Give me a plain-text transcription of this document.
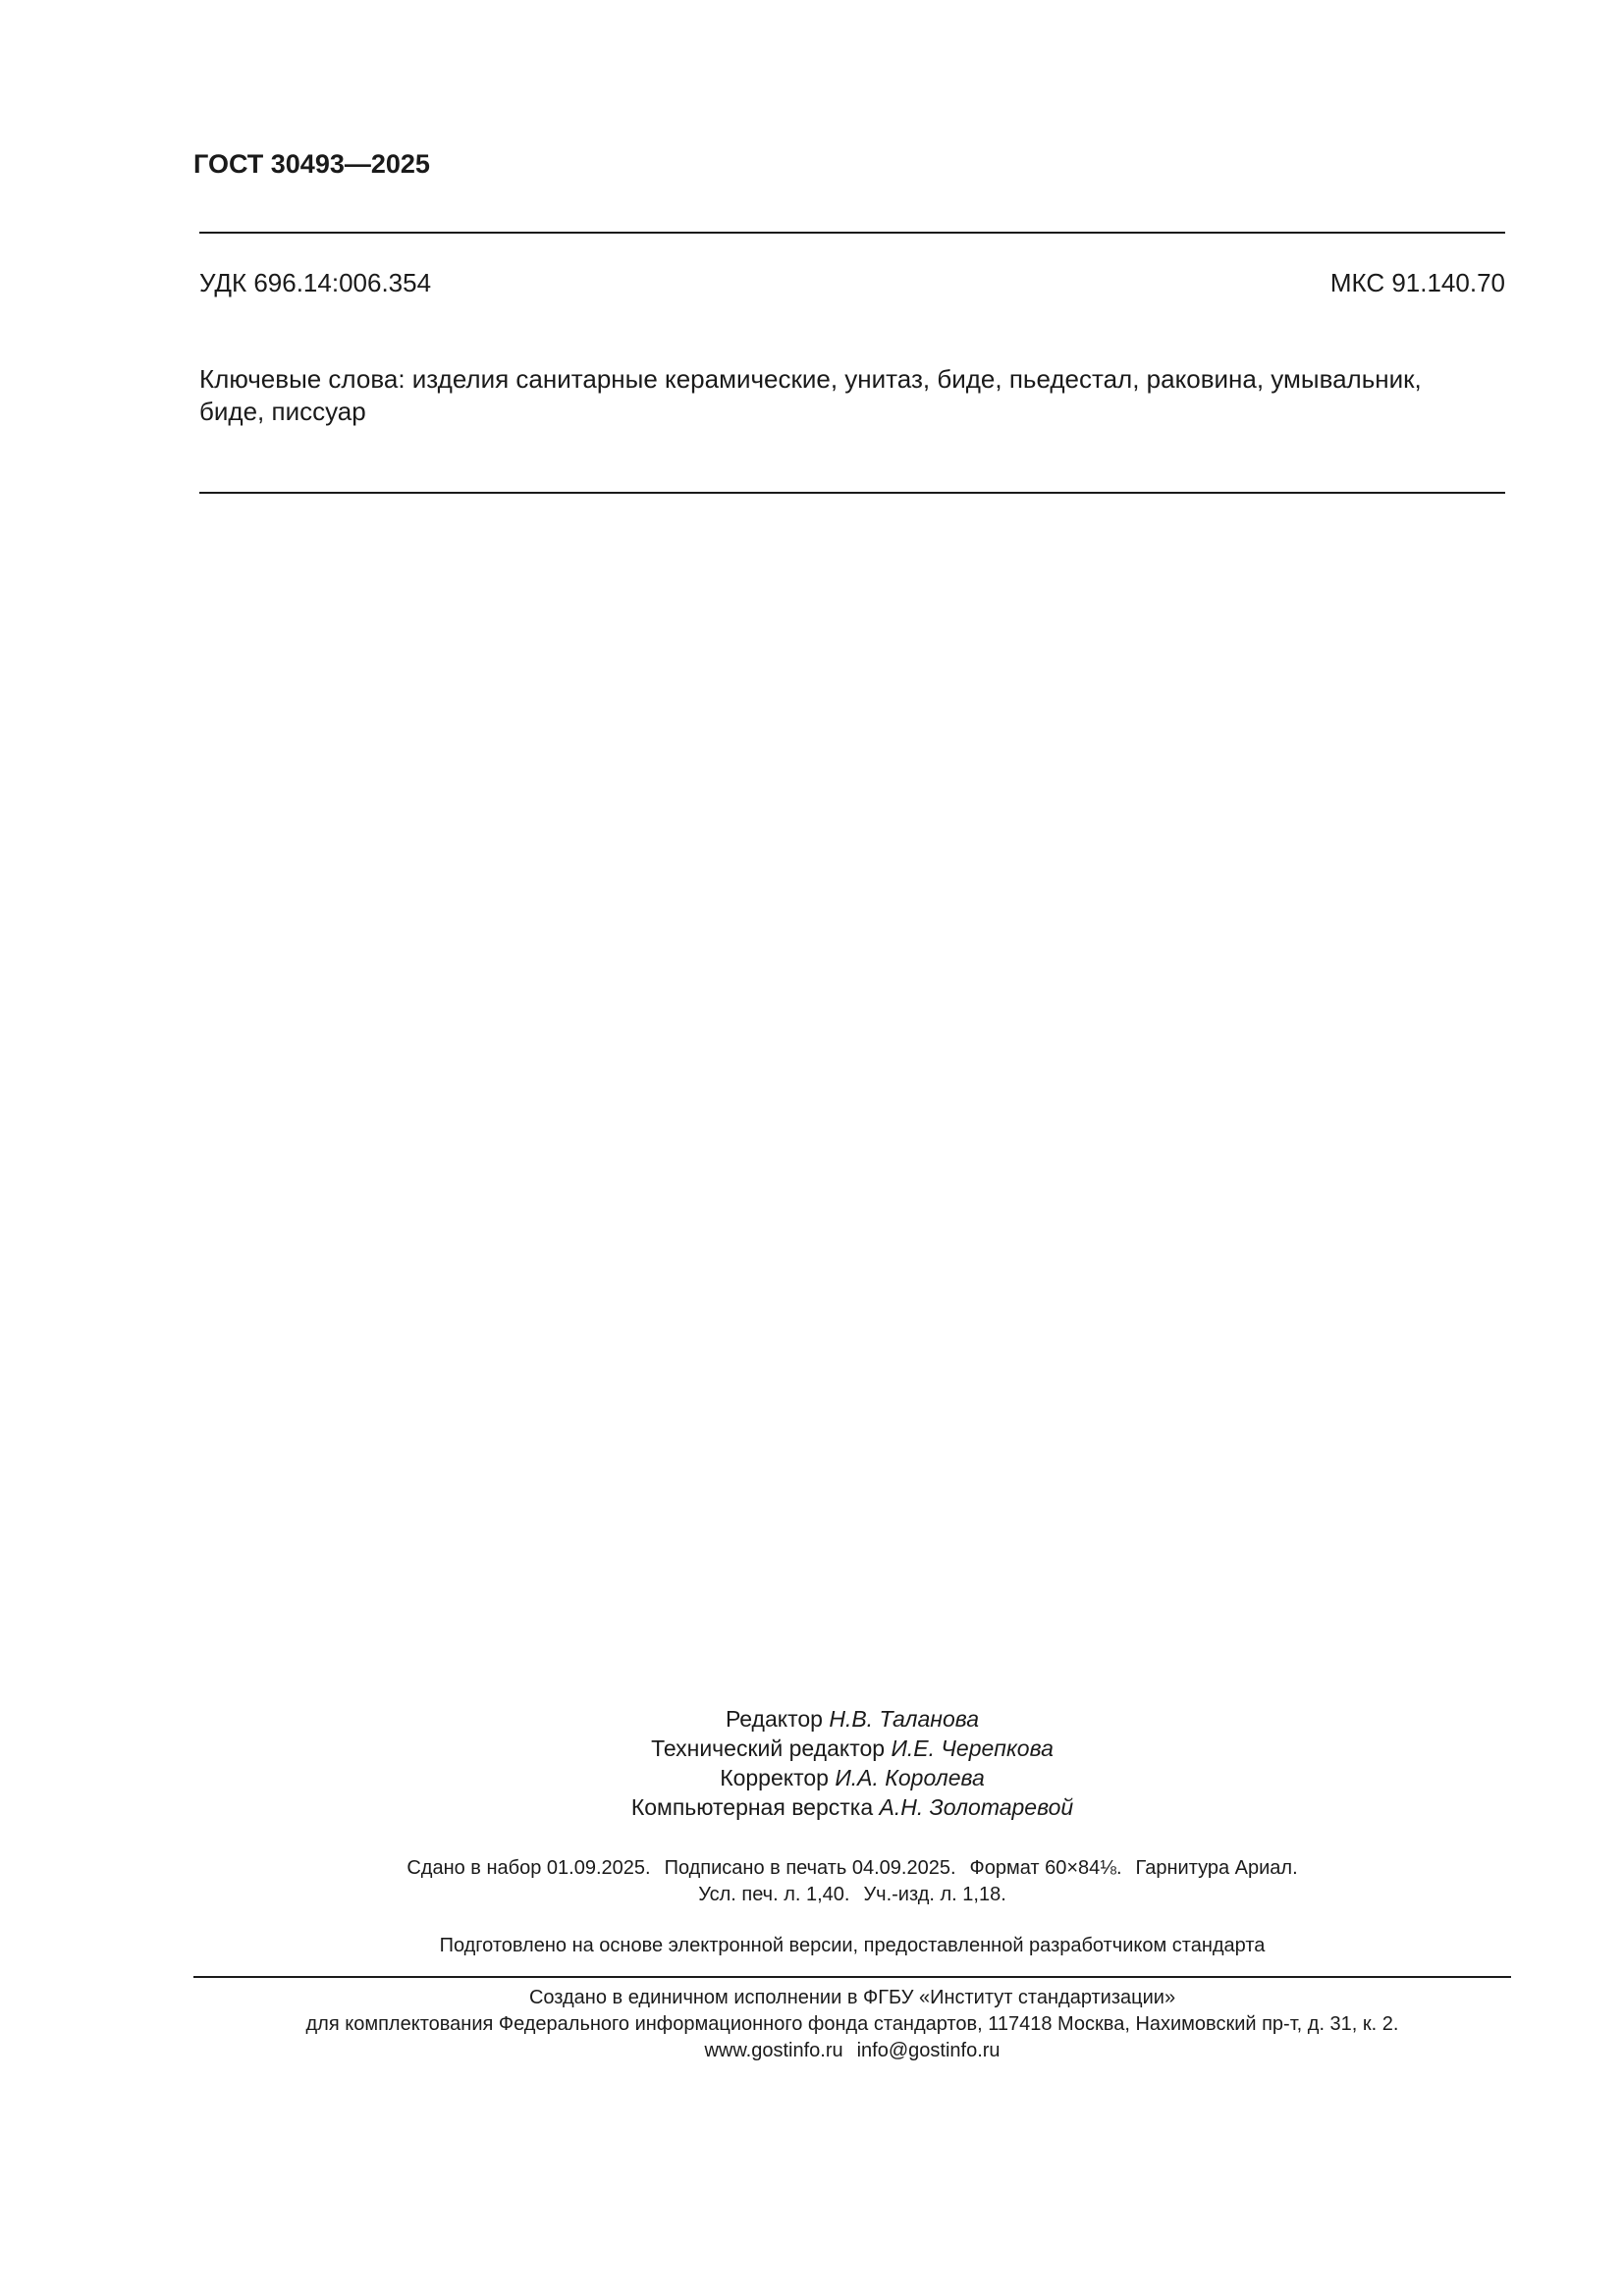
ГОСТ 30493—2025
УДК 696.14:006.354	МКС 91.140.70

Ключевые слова: изделия санитарные керамические, унитаз, биде, пьедестал, раковина, умывальник,

биде, писсуар

Редактор Н.В. Таланова
Технический редактор И.Е. Черепкова
Корректор И.А. Королева
Компьютерная верстка А.Н. Золотаревой
Сдано в набор 01.09.2025. Подписано в печать 04.09.2025. Формат 60×84⅛. Гарнитура Ариал.
Усл. печ. л. 1,40. Уч.-изд. л. 1,18.
Подготовлено на основе электронной версии, предоставленной разработчиком стандарта
Создано в единичном исполнении в ФГБУ «Институт стандартизации»
для комплектования Федерального информационного фонда стандартов, 117418 Москва, Нахимовский пр-т, д. 31, к. 2.
www.gostinfo.ru info@gostinfo.ru
